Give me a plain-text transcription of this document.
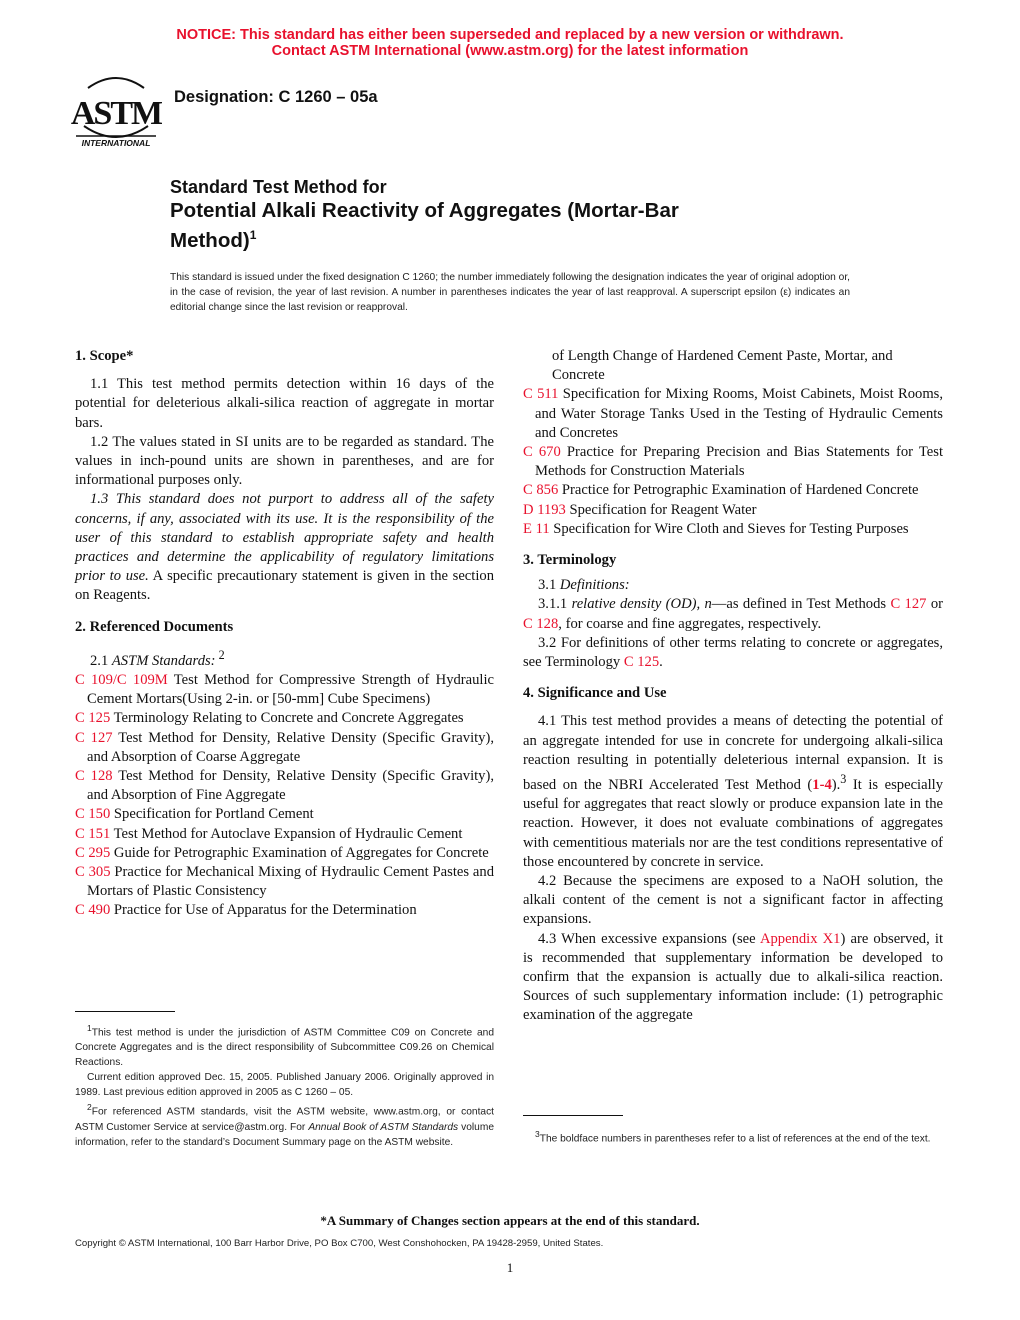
NOTICE: This standard has either been superseded and replaced by a new version or withdrawn.
Contact ASTM International (www.astm.org) for the latest information
ASTM
INTERNATIONAL
Designation: C 1260 – 05a
Standard Test Method for
Potential Alkali Reactivity of Aggregates (Mortar-Bar
Method)$^1$
This standard is issued under the fixed designation C 1260; the number immediately following the designation indicates the year of original adoption or, in the case of revision, the year of last revision. A number in parentheses indicates the year of last reapproval. A superscript epsilon (ε) indicates an editorial change since the last revision or reapproval.

1. Scope*

1.1 This test method permits detection within 16 days of the potential for deleterious alkali-silica reaction of aggregate in mortar bars.

1.2 The values stated in SI units are to be regarded as standard. The values in inch-pound units are shown in parentheses, and are for informational purposes only.

1.3 This standard does not purport to address all of the safety concerns, if any, associated with its use. It is the responsibility of the user of this standard to establish appropriate safety and health practices and determine the applicability of regulatory limitations prior to use. A specific precautionary statement is given in the section on Reagents.

2. Referenced Documents

2.1 ASTM Standards: $^2$

C 109/C 109M Test Method for Compressive Strength of Hydraulic Cement Mortars(Using 2-in. or [50-mm] Cube Specimens)

C 125 Terminology Relating to Concrete and Concrete Aggregates

C 127 Test Method for Density, Relative Density (Specific Gravity), and Absorption of Coarse Aggregate

C 128 Test Method for Density, Relative Density (Specific Gravity), and Absorption of Fine Aggregate

C 150 Specification for Portland Cement

C 151 Test Method for Autoclave Expansion of Hydraulic Cement

C 295 Guide for Petrographic Examination of Aggregates for Concrete

C 305 Practice for Mechanical Mixing of Hydraulic Cement Pastes and Mortars of Plastic Consistency

C 490 Practice for Use of Apparatus for the Determination

of Length Change of Hardened Cement Paste, Mortar, and Concrete

C 511 Specification for Mixing Rooms, Moist Cabinets, Moist Rooms, and Water Storage Tanks Used in the Testing of Hydraulic Cements and Concretes

C 670 Practice for Preparing Precision and Bias Statements for Test Methods for Construction Materials

C 856 Practice for Petrographic Examination of Hardened Concrete

D 1193 Specification for Reagent Water

E 11 Specification for Wire Cloth and Sieves for Testing Purposes

3. Terminology

3.1 Definitions:

3.1.1 relative density (OD), n—as defined in Test Methods C 127 or C 128, for coarse and fine aggregates, respectively.

3.2 For definitions of other terms relating to concrete or aggregates, see Terminology C 125.

4. Significance and Use

4.1 This test method provides a means of detecting the potential of an aggregate intended for use in concrete for undergoing alkali-silica reaction resulting in potentially deleterious internal expansion. It is based on the NBRI Accelerated Test Method (1-4).$^3$ It is especially useful for aggregates that react slowly or produce expansion late in the reaction. However, it does not evaluate combinations of aggregates with cementitious materials nor are the test conditions representative of those encountered by concrete in service.

4.2 Because the specimens are exposed to a NaOH solution, the alkali content of the cement is not a significant factor in affecting expansions.

4.3 When excessive expansions (see Appendix X1) are observed, it is recommended that supplementary information be developed to confirm that the expansion is actually due to alkali-silica reaction. Sources of such supplementary information include: (1) petrographic examination of the aggregate

$^1$This test method is under the jurisdiction of ASTM Committee C09 on Concrete and Concrete Aggregates and is the direct responsibility of Subcommittee C09.26 on Chemical Reactions.

Current edition approved Dec. 15, 2005. Published January 2006. Originally approved in 1989. Last previous edition approved in 2005 as C 1260 – 05.

$^2$For referenced ASTM standards, visit the ASTM website, www.astm.org, or contact ASTM Customer Service at service@astm.org. For Annual Book of ASTM Standards volume information, refer to the standard’s Document Summary page on the ASTM website.

$^3$The boldface numbers in parentheses refer to a list of references at the end of the text.

*A Summary of Changes section appears at the end of this standard.
Copyright © ASTM International, 100 Barr Harbor Drive, PO Box C700, West Conshohocken, PA 19428-2959, United States.
1
